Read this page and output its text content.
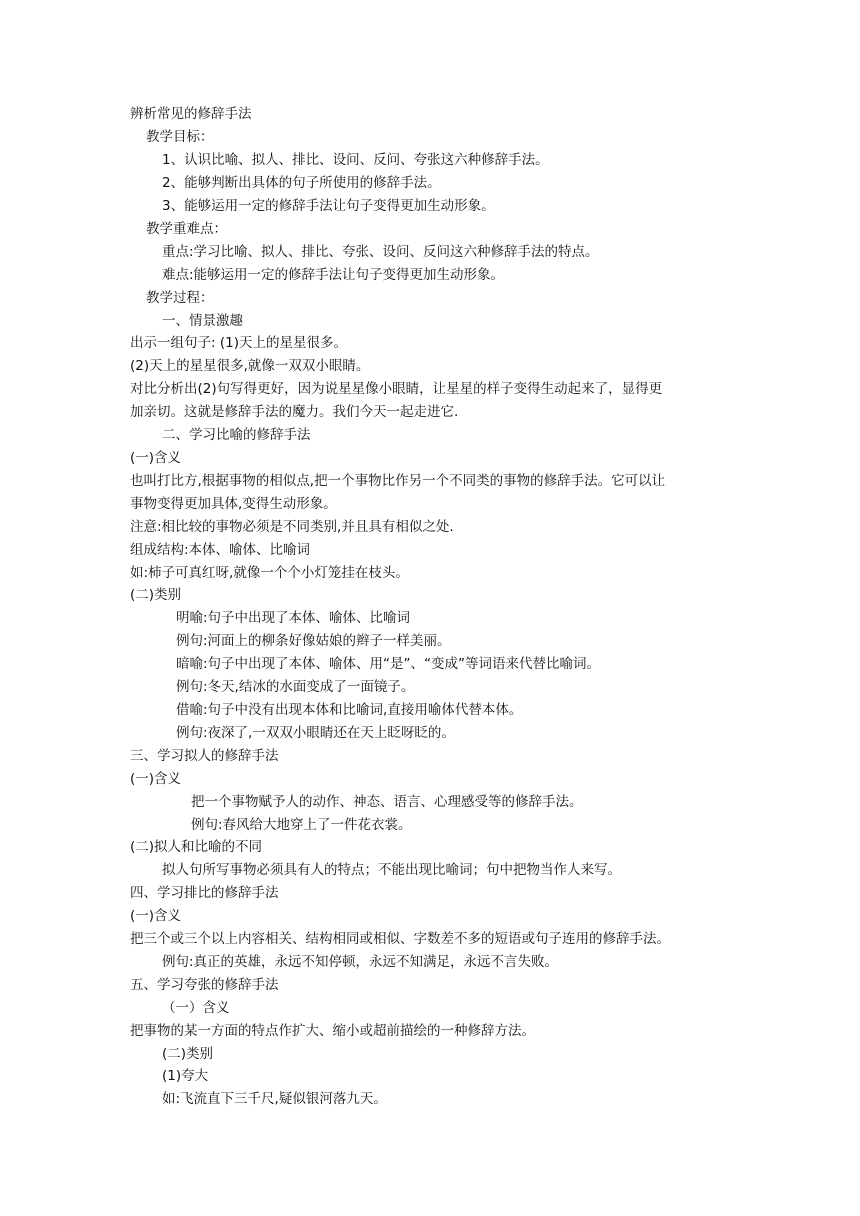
辨析常见的修辞手法
教学目标：
1、认识比喻、拟人、排比、设问、反问、夸张这六种修辞手法。
2、能够判断出具体的句子所使用的修辞手法。
3、能够运用一定的修辞手法让句子变得更加生动形象。
教学重难点：
重点:学习比喻、拟人、排比、夸张、设问、反问这六种修辞手法的特点。
难点:能够运用一定的修辞手法让句子变得更加生动形象。
教学过程：
一、情景激趣
出示一组句子: (1)天上的星星很多。
(2)天上的星星很多,就像一双双小眼睛。
对比分析出(2)句写得更好，因为说星星像小眼睛，让星星的样子变得生动起来了，显得更
加亲切。这就是修辞手法的魔力。我们今天一起走进它.
二、学习比喻的修辞手法
(一)含义
也叫打比方,根据事物的相似点,把一个事物比作另一个不同类的事物的修辞手法。它可以让
事物变得更加具体,变得生动形象。
注意:相比较的事物必须是不同类别,并且具有相似之处.
组成结构:本体、喻体、比喻词
如:柿子可真红呀,就像一个个小灯笼挂在枝头。
(二)类别
明喻:句子中出现了本体、喻体、比喻词
例句:河面上的柳条好像姑娘的辫子一样美丽。
暗喻:句子中出现了本体、喻体、用“是”、“变成”等词语来代替比喻词。
例句:冬天,结冰的水面变成了一面镜子。
借喻:句子中没有出现本体和比喻词,直接用喻体代替本体。
例句:夜深了,一双双小眼睛还在天上眨呀眨的。
三、学习拟人的修辞手法
(一)含义
把一个事物赋予人的动作、神态、语言、心理感受等的修辞手法。
例句:春风给大地穿上了一件花衣裳。
(二)拟人和比喻的不同
拟人句所写事物必须具有人的特点；不能出现比喻词；句中把物当作人来写。
四、学习排比的修辞手法
(一)含义
把三个或三个以上内容相关、结构相同或相似、字数差不多的短语或句子连用的修辞手法。
例句:真正的英雄，永远不知停顿，永远不知满足，永远不言失败。
五、学习夸张的修辞手法
（一）含义
把事物的某一方面的特点作扩大、缩小或超前描绘的一种修辞方法。
(二)类别
(1)夸大
如:飞流直下三千尺,疑似银河落九天。
